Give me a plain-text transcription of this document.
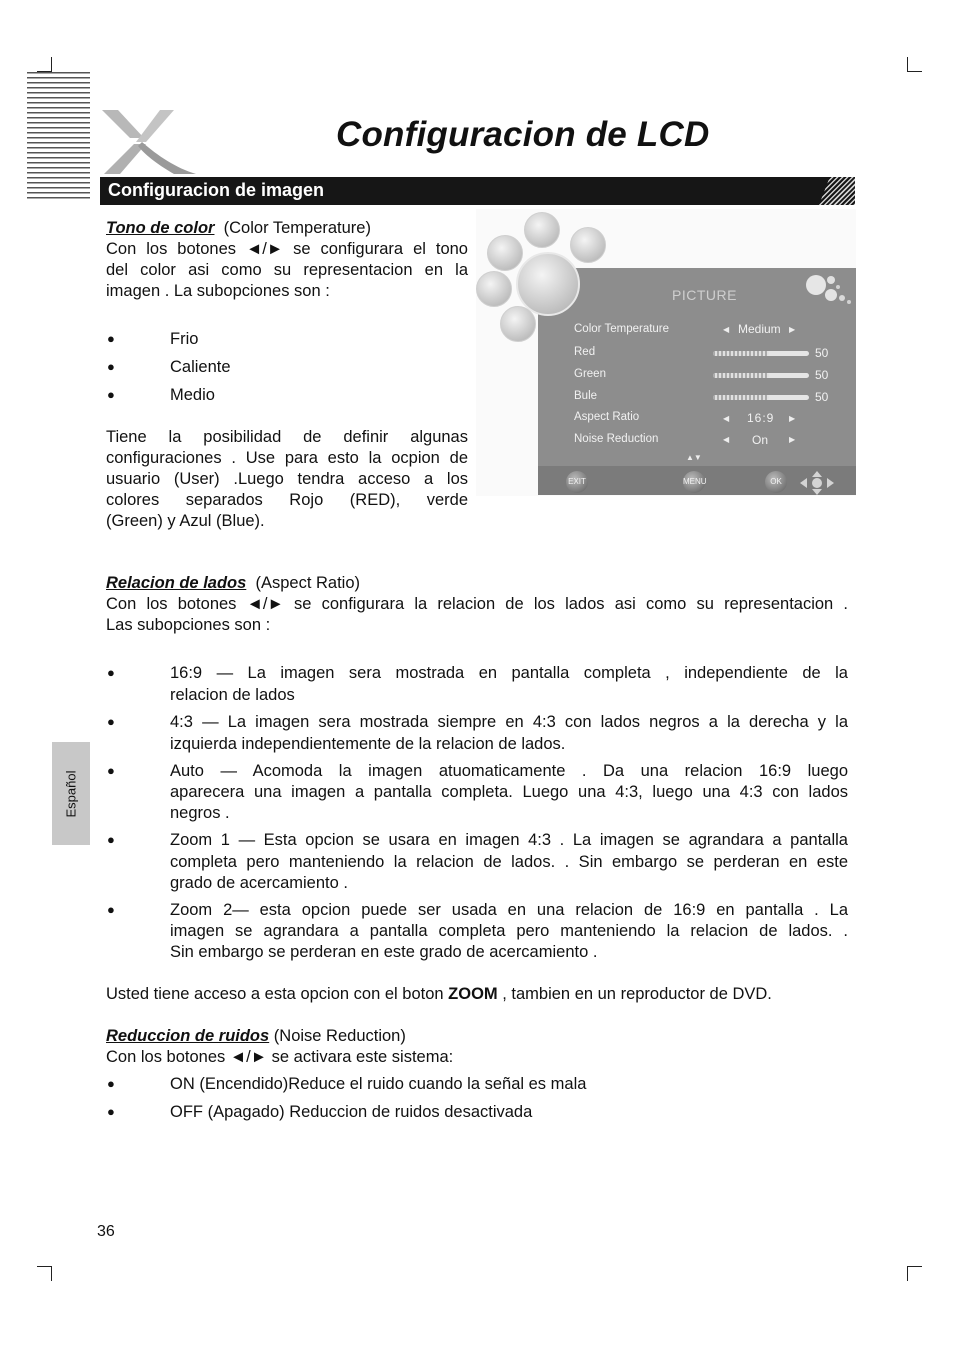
Configuracion de LCD
Configuracion de imagen
Español
Tono de color (Color Temperature)
Con los botones ◄/► se configurara el tono
del color asi como su representacion en la
imagen . La subopciones son :
●	Frio
●	Caliente
●	Medio
Tiene la posibilidad de definir algunas
configuraciones . Use para esto la ocpion de
usuario (User) .Luego tendra acceso a los
colores separados Rojo (RED), verde
(Green) y Azul (Blue).
PICTURE
Color Temperature	◀ Medium ▶
Red	50
Green	50
Bule	50
Aspect Ratio	◀ 16:9 ▶
Noise Reduction	◀ On	▶
▲▼
EXIT	MENU	OK
Relacion de lados (Aspect Ratio)
Con los botones ◄/► se configurara la relacion de los lados asi como su representacion .
Las subopciones son :
●	16:9 — La imagen sera mostrada en pantalla completa , independiente de la
relacion de lados
●	4:3 — La imagen sera mostrada siempre en 4:3 con lados negros a la derecha y la
izquierda independientemente de la relacion de lados.
●	Auto — Acomoda la imagen atuomaticamente . Da una relacion 16:9 luego
aparecera una imagen a pantalla completa. Luego una 4:3, luego una 4:3 con lados
negros .
●	Zoom 1 — Esta opcion se usara en imagen 4:3 . La imagen se agrandara a pantalla
completa pero manteniendo la relacion de lados. . Sin embargo se perderan en este
grado de acercamiento .
●	Zoom 2— esta opcion puede ser usada en una relacion de 16:9 en pantalla . La
imagen se agrandara a pantalla completa pero manteniendo la relacion de lados. .
Sin embargo se perderan en este grado de acercamiento .
Usted tiene acceso a esta opcion con el boton ZOOM , tambien en un reproductor de DVD.
Reduccion de ruidos (Noise Reduction)
Con los botones ◄/► se activara este sistema:
●	ON (Encendido)Reduce el ruido cuando la señal es mala
●	OFF (Apagado) Reduccion de ruidos desactivada
36
